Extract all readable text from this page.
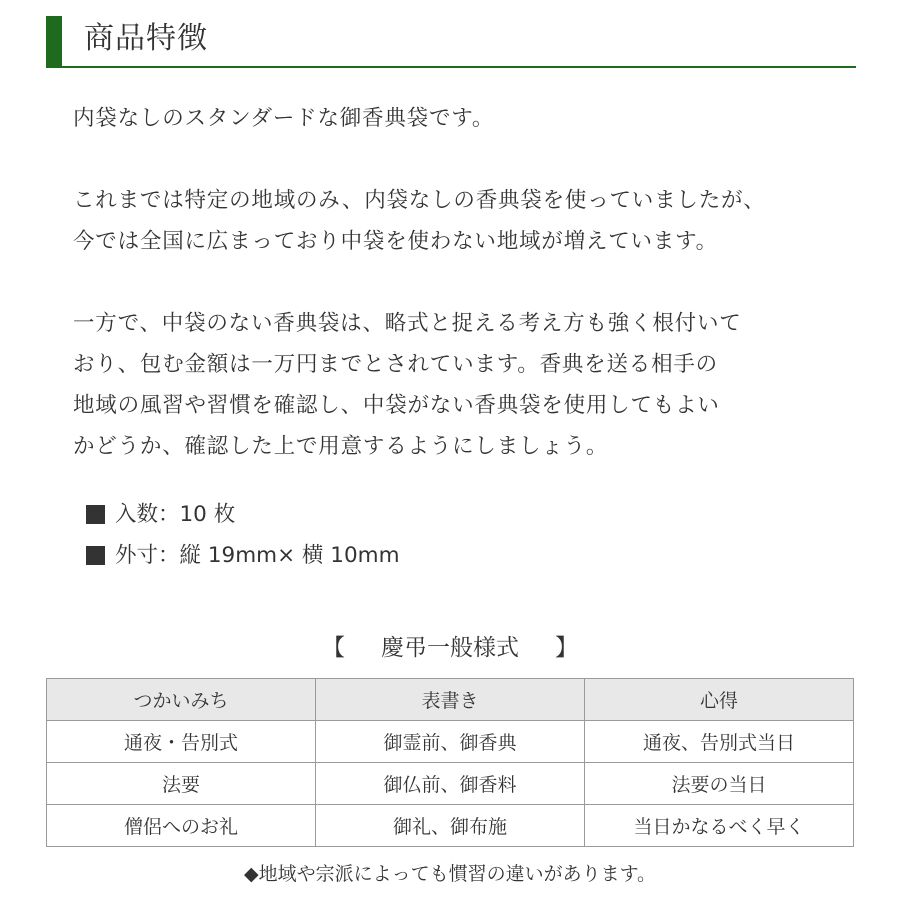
商品特徴

内袋なしのスタンダードな御香典袋です。

これまでは特定の地域のみ、内袋なしの香典袋を使っていましたが、

今では全国に広まっており中袋を使わない地域が増えています。

一方で、中袋のない香典袋は、略式と捉える考え方も強く根付いて

おり、包む金額は一万円までとされています。香典を送る相手の

地域の風習や習慣を確認し、中袋がない香典袋を使用してもよい

かどうか、確認した上で用意するようにしましょう。

入数：10 枚
外寸：縦 19mm× 横 10mm
【 慶弔一般様式 】
つかいみち	表書き	心得
通夜・告別式	御霊前、御香典	通夜、告別式当日
法要	御仏前、御香料	法要の当日
僧侶へのお礼	御礼、御布施	当日かなるべく早く
◆地域や宗派によっても慣習の違いがあります。
